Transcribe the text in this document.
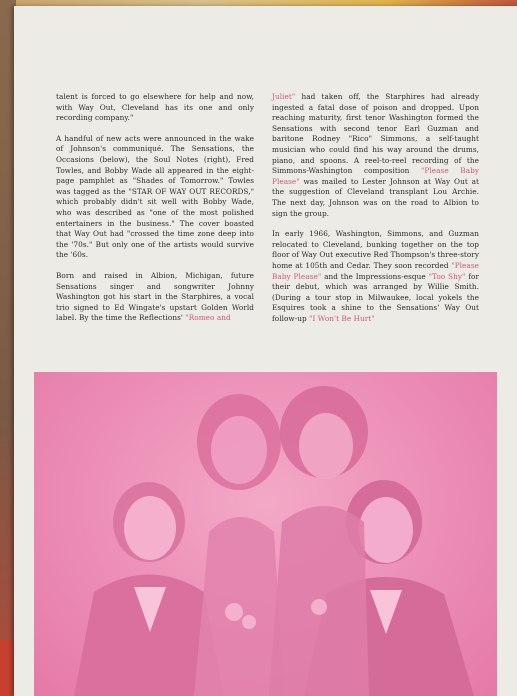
talent is forced to go elsewhere for help and now, with Way Out, Cleveland has its one and only recording company."

A handful of new acts were announced in the wake of Johnson's communiqué. The Sensations, the Occasions (below), the Soul Notes (right), Fred Towles, and Bobby Wade all appeared in the eight-page pamphlet as "Shades of Tomorrow." Towles was tagged as the "STAR OF WAY OUT RECORDS," which probably didn't sit well with Bobby Wade, who was described as "one of the most polished entertainers in the business." The cover boasted that Way Out had "crossed the time zone deep into the '70s." But only one of the artists would survive the '60s.

Born and raised in Albion, Michigan, future Sensations singer and songwriter Johnny Washington got his start in the Starphires, a vocal trio signed to Ed Wingate's upstart Golden World label. By the time the Reflections' "Romeo and

Juliet" had taken off, the Starphires had already ingested a fatal dose of poison and dropped. Upon reaching maturity, first tenor Washington formed the Sensations with second tenor Earl Guzman and baritone Rodney "Rico" Simmons, a self-taught musician who could find his way around the drums, piano, and spoons. A reel-to-reel recording of the Simmons-Washington composition "Please Baby Please" was mailed to Lester Johnson at Way Out at the suggestion of Cleveland transplant Lou Archie. The next day, Johnson was on the road to Albion to sign the group.

In early 1966, Washington, Simmons, and Guzman relocated to Cleveland, bunking together on the top floor of Way Out executive Red Thompson's three-story home at 105th and Cedar. They soon recorded "Please Baby Please" and the Impressions-esque "Too Shy" for their debut, which was arranged by Willie Smith. (During a tour stop in Milwaukee, local yokels the Esquires took a shine to the Sensations' Way Out follow-up "I Won't Be Hurt"
